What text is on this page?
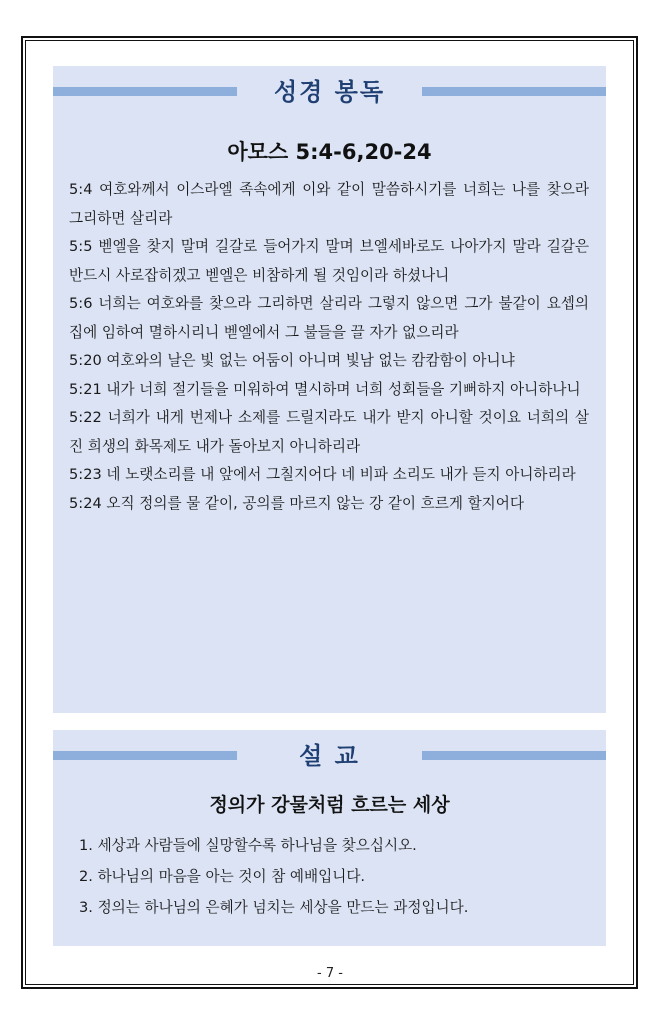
성경 봉독
아모스 5:4-6,20-24
5:4 여호와께서 이스라엘 족속에게 이와 같이 말씀하시기를 너희는 나를 찾으라 그리하면 살리라
5:5 벧엘을 찾지 말며 길갈로 들어가지 말며 브엘세바로도 나아가지 말라 길갈은 반드시 사로잡히겠고 벧엘은 비참하게 될 것임이라 하셨나니
5:6 너희는 여호와를 찾으라 그리하면 살리라 그렇지 않으면 그가 불같이 요셉의 집에 임하여 멸하시리니 벧엘에서 그 불들을 끌 자가 없으리라
5:20 여호와의 날은 빛 없는 어둠이 아니며 빛남 없는 캄캄함이 아니냐
5:21 내가 너희 절기들을 미워하여 멸시하며 너희 성회들을 기뻐하지 아니하나니
5:22 너희가 내게 번제나 소제를 드릴지라도 내가 받지 아니할 것이요 너희의 살진 희생의 화목제도 내가 돌아보지 아니하리라
5:23 네 노랫소리를 내 앞에서 그칠지어다 네 비파 소리도 내가 듣지 아니하리라
5:24 오직 정의를 물 같이, 공의를 마르지 않는 강 같이 흐르게 할지어다
설 교
정의가 강물처럼 흐르는 세상
1. 세상과 사람들에 실망할수록 하나님을 찾으십시오.
2. 하나님의 마음을 아는 것이 참 예배입니다.
3. 정의는 하나님의 은혜가 넘치는 세상을 만드는 과정입니다.
- 7 -
